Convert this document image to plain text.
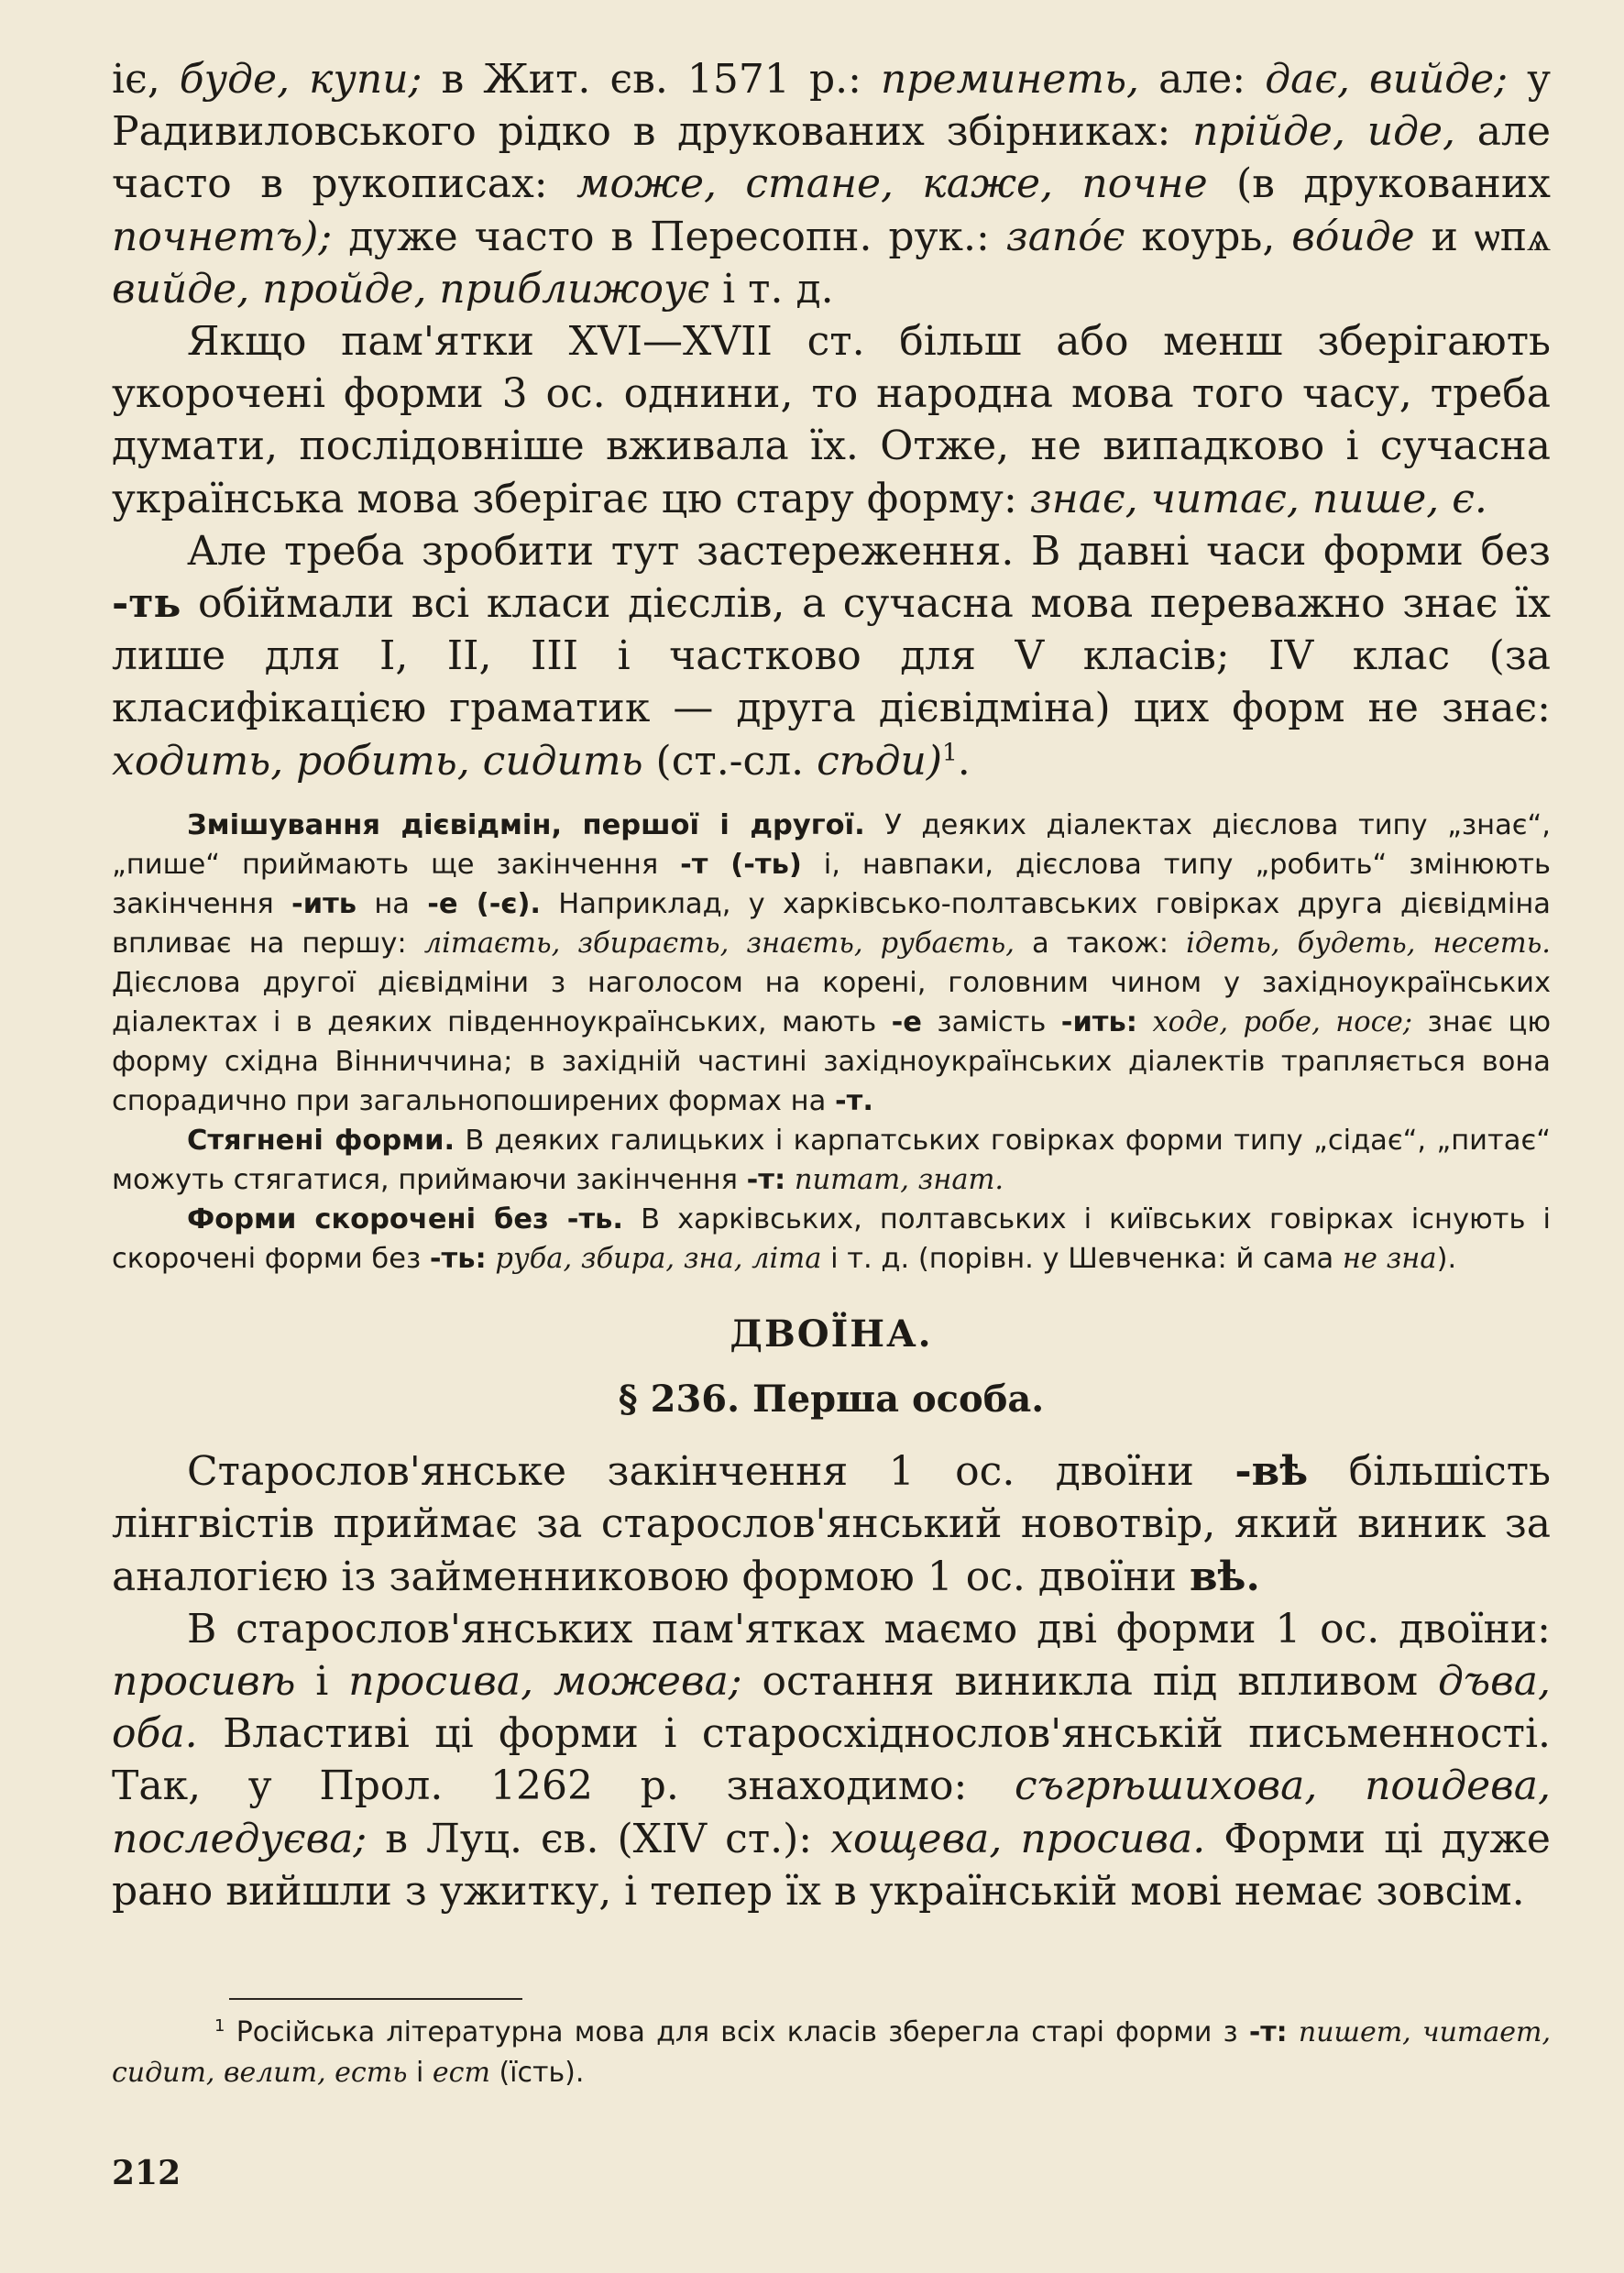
іє, буде, купи; в Жит. єв. 1571 р.: преминеть, але: дає, вийде; у Радивиловського рідко в друкованих збірниках: прійде, иде, але часто в рукописах: може, стане, каже, почне (в друкованих почнетъ); дуже часто в Пересопн. рук.: запо́є коурь, во́иде и ѡпѧ вийде, пройде, приближоує і т. д.

Якщо пам'ятки XVI—XVII ст. більш або менш зберігають укорочені форми 3 ос. однини, то народна мова того часу, треба думати, послідовніше вживала їх. Отже, не випадково і сучасна українська мова зберігає цю стару форму: знає, читає, пише, є.

Але треба зробити тут застереження. В давні часи форми без -ть обіймали всі класи дієслів, а сучасна мова переважно знає їх лише для I, II, III і частково для V класів; IV клас (за класифікацією граматик — друга дієвідміна) цих форм не знає: ходить, робить, сидить (ст.-сл. сѣди)$^1$.

Змішування дієвідмін, першої і другої. У деяких діалектах дієслова типу „знає“, „пише“ приймають ще закінчення -т (-ть) і, навпаки, дієслова типу „робить“ змінюють закінчення -ить на -е (-є). Наприклад, у харківсько-полтавських говірках друга дієвідміна впливає на першу: літаєть, збираєть, знаєть, рубаєть, а також: ідеть, будеть, несеть. Дієслова другої дієвідміни з наголосом на корені, головним чином у західноукраїнських діалектах і в деяких південноукраїнських, мають -е замість -ить: ходе, робе, носе; знає цю форму східна Вінниччина; в західній частині західноукраїнських діалектів трапляється вона спорадично при загальнопоширених формах на -т.

Стягнені форми. В деяких галицьких і карпатських говірках форми типу „сідає“, „питає“ можуть стягатися, приймаючи закінчення -т: питат, знат.

Форми скорочені без -ть. В харківських, полтавських і київських говірках існують і скорочені форми без -ть: руба, збира, зна, літа і т. д. (порівн. у Шевченка: й сама не зна).

ДВОЇНА.
§ 236. Перша особа.

Старослов'янське закінчення 1 ос. двоїни -вѣ більшість лінгвістів приймає за старослов'янський новотвір, який виник за аналогією із займенниковою формою 1 ос. двоїни вѣ.

В старослов'янських пам'ятках маємо дві форми 1 ос. двоїни: просивѣ і просива, можева; остання виникла під впливом дъва, оба. Властиві ці форми і старосхіднослов'янській письменності. Так, у Прол. 1262 р. знаходимо: съгрѣшихова, поидева, последуєва; в Луц. єв. (XIV ст.): хощева, просива. Форми ці дуже рано вийшли з ужитку, і тепер їх в українській мові немає зовсім.

$^1$ Російська літературна мова для всіх класів зберегла старі форми з -т: пишет, читает, сидит, велит, есть і ест (їсть).
212
